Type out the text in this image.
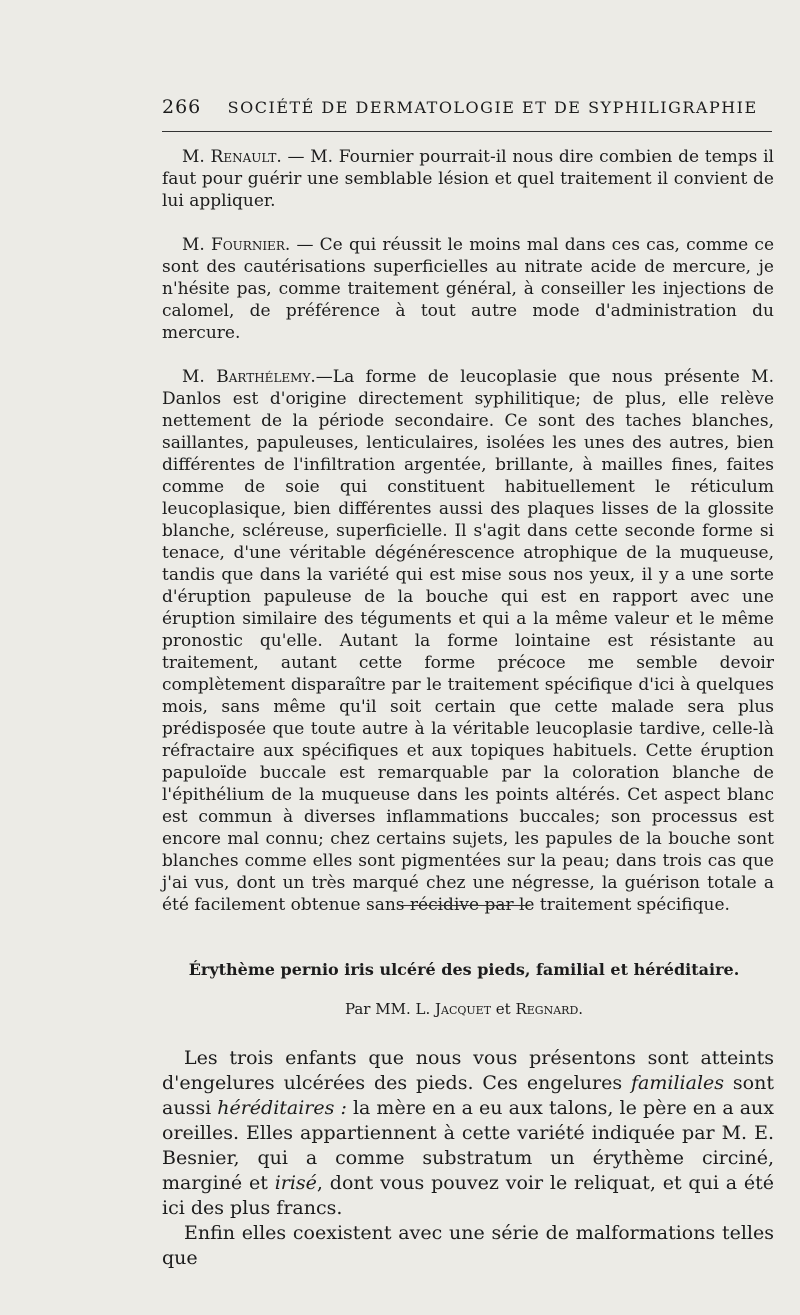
266 SOCIÉTÉ DE DERMATOLOGIE ET DE SYPHILIGRAPHIE

M. Renault. — M. Fournier pourrait-il nous dire combien de temps il faut pour guérir une semblable lésion et quel traitement il convient de lui appliquer.

M. Fournier. — Ce qui réussit le moins mal dans ces cas, comme ce sont des cautérisations superficielles au nitrate acide de mercure, je n'hésite pas, comme traitement général, à conseiller les injections de calomel, de préférence à tout autre mode d'administration du mercure.

M. Barthélemy.—La forme de leucoplasie que nous présente M. Danlos est d'origine directement syphilitique; de plus, elle relève nettement de la période secondaire. Ce sont des taches blanches, saillantes, papuleuses, lenticulaires, isolées les unes des autres, bien différentes de l'infiltration argentée, brillante, à mailles fines, faites comme de soie qui constituent habituellement le réticulum leucoplasique, bien différentes aussi des plaques lisses de la glossite blanche, scléreuse, superficielle. Il s'agit dans cette seconde forme si tenace, d'une véritable dégénérescence atrophique de la muqueuse, tandis que dans la variété qui est mise sous nos yeux, il y a une sorte d'éruption papuleuse de la bouche qui est en rapport avec une éruption similaire des téguments et qui a la même valeur et le même pronostic qu'elle. Autant la forme lointaine est résistante au traitement, autant cette forme précoce me semble devoir complètement disparaître par le traitement spécifique d'ici à quelques mois, sans même qu'il soit certain que cette malade sera plus prédisposée que toute autre à la véritable leucoplasie tardive, celle-là réfractaire aux spécifiques et aux topiques habituels. Cette éruption papuloïde buccale est remarquable par la coloration blanche de l'épithélium de la muqueuse dans les points altérés. Cet aspect blanc est commun à diverses inflammations buccales; son processus est encore mal connu; chez certains sujets, les papules de la bouche sont blanches comme elles sont pigmentées sur la peau; dans trois cas que j'ai vus, dont un très marqué chez une négresse, la guérison totale a été facilement obtenue sans récidive par le traitement spécifique.

Érythème pernio iris ulcéré des pieds, familial et héréditaire.
Par MM. L. Jacquet et Regnard.

Les trois enfants que nous vous présentons sont atteints d'engelures ulcérées des pieds. Ces engelures familiales sont aussi héréditaires : la mère en a eu aux talons, le père en a aux oreilles. Elles appartiennent à cette variété indiquée par M. E. Besnier, qui a comme substratum un érythème circiné, marginé et irisé, dont vous pouvez voir le reliquat, et qui a été ici des plus francs.

Enfin elles coexistent avec une série de malformations telles que
